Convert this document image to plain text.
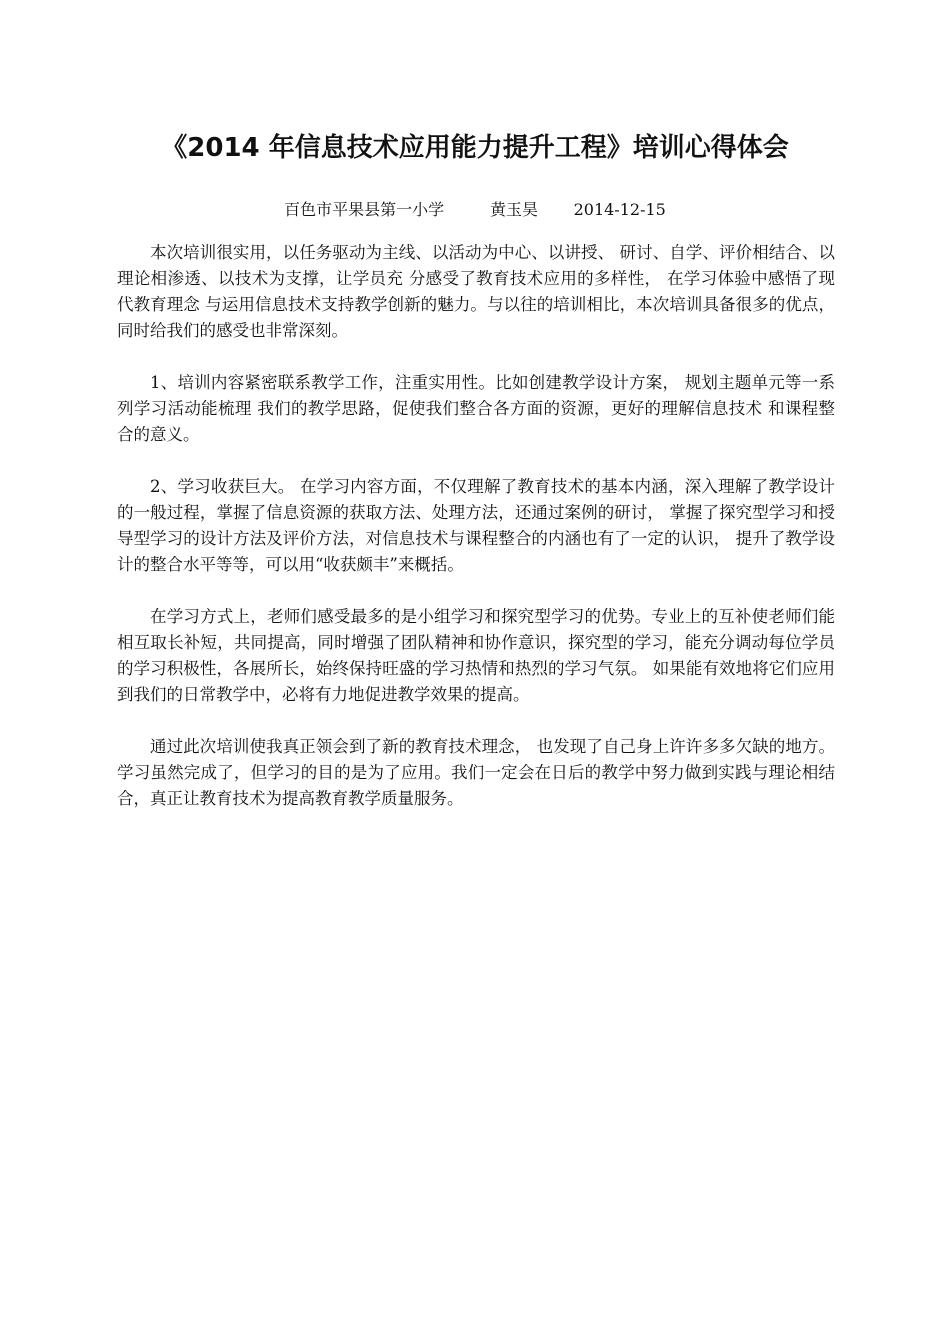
《2014 年信息技术应用能力提升工程》培训心得体会
百色市平果县第一小学	黄玉昊 2014-12-15

本次培训很实用，以任务驱动为主线、以活动为中心、以讲授、 研讨、自学、评价相结合、以理论相渗透、以技术为支撑，让学员充 分感受了教育技术应用的多样性， 在学习体验中感悟了现代教育理念 与运用信息技术支持教学创新的魅力。与以往的培训相比，本次培训具备很多的优点，同时给我们的感受也非常深刻。

1、培训内容紧密联系教学工作，注重实用性。比如创建教学设计方案， 规划主题单元等一系列学习活动能梳理 我们的教学思路，促使我们整合各方面的资源，更好的理解信息技术 和课程整合的意义。

2、学习收获巨大。 在学习内容方面，不仅理解了教育技术的基本内涵，深入理解了教学设计的一般过程，掌握了信息资源的获取方法、处理方法，还通过案例的研讨， 掌握了探究型学习和授导型学习的设计方法及评价方法，对信息技术与课程整合的内涵也有了一定的认识， 提升了教学设计的整合水平等等，可以用“收获颇丰”来概括。

在学习方式上，老师们感受最多的是小组学习和探究型学习的优势。专业上的互补使老师们能相互取长补短，共同提高，同时增强了团队精神和协作意识，探究型的学习，能充分调动每位学员的学习积极性，各展所长，始终保持旺盛的学习热情和热烈的学习气氛。 如果能有效地将它们应用到我们的日常教学中，必将有力地促进教学效果的提高。

通过此次培训使我真正领会到了新的教育技术理念， 也发现了自己身上许许多多欠缺的地方。学习虽然完成了，但学习的目的是为了应用。我们一定会在日后的教学中努力做到实践与理论相结合，真正让教育技术为提高教育教学质量服务。
